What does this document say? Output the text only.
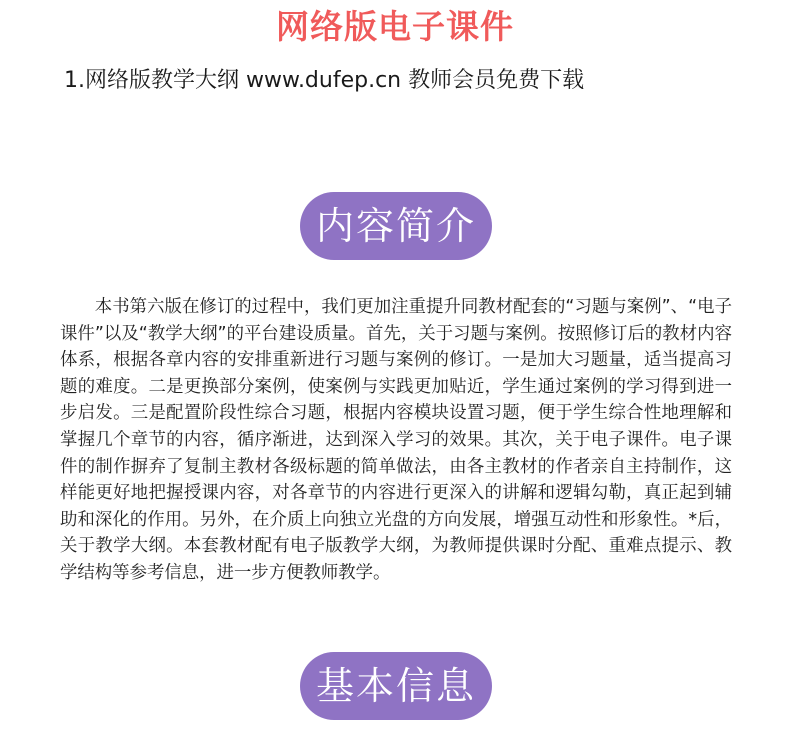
网络版电子课件
1.网络版教学大纲 www.dufep.cn 教师会员免费下载
内容简介

本书第六版在修订的过程中，我们更加注重提升同教材配套的“习题与案例”、“电子课件”以及“教学大纲”的平台建设质量。首先，关于习题与案例。按照修订后的教材内容体系，根据各章内容的安排重新进行习题与案例的修订。一是加大习题量，适当提高习题的难度。二是更换部分案例，使案例与实践更加贴近，学生通过案例的学习得到进一步启发。三是配置阶段性综合习题，根据内容模块设置习题，便于学生综合性地理解和掌握几个章节的内容，循序渐进，达到深入学习的效果。其次，关于电子课件。电子课件的制作摒弃了复制主教材各级标题的简单做法，由各主教材的作者亲自主持制作，这样能更好地把握授课内容，对各章节的内容进行更深入的讲解和逻辑勾勒，真正起到辅助和深化的作用。另外，在介质上向独立光盘的方向发展，增强互动性和形象性。*后，关于教学大纲。本套教材配有电子版教学大纲，为教师提供课时分配、重难点提示、教学结构等参考信息，进一步方便教师教学。

基本信息
